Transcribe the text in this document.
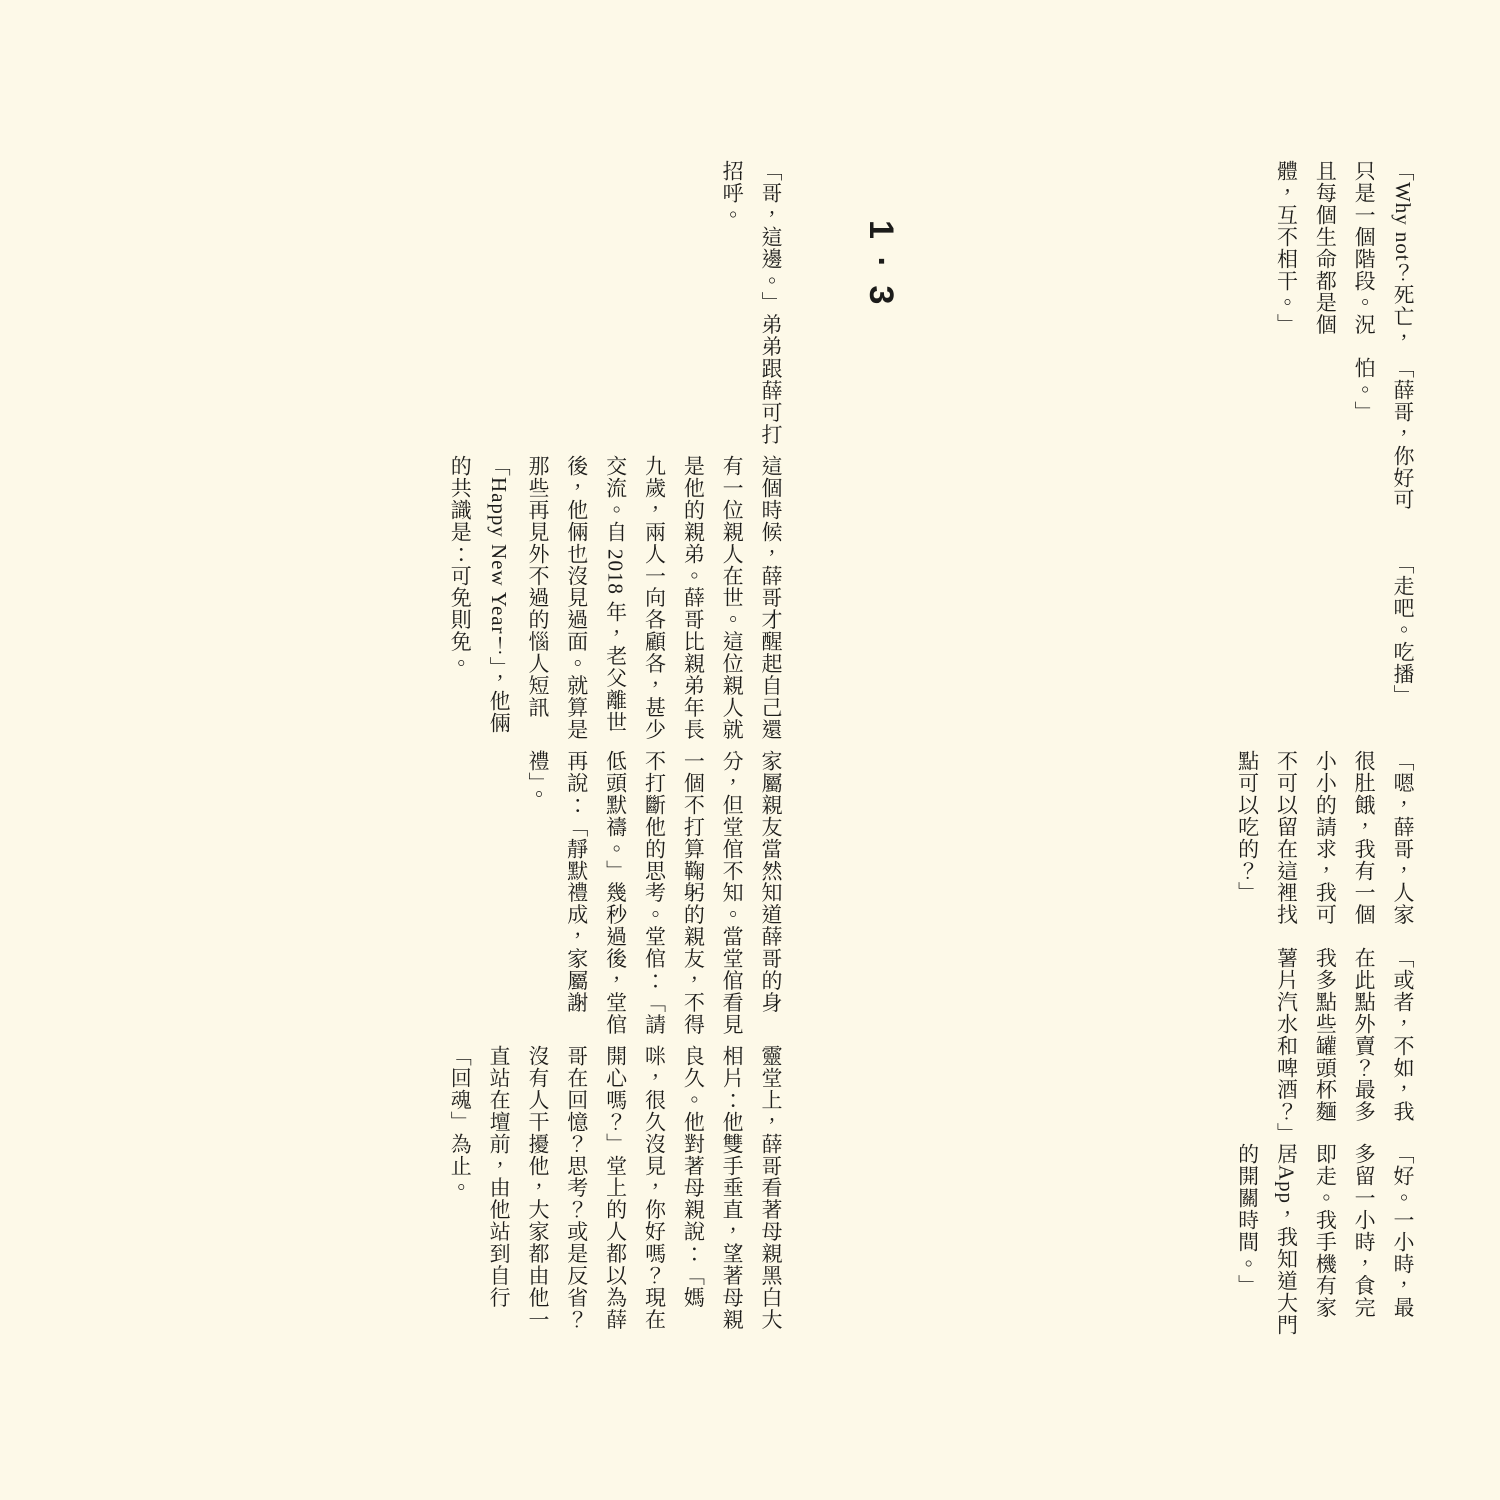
「Why not？死亡，只是一個階段。況且每個生命都是個體，互不相干。」

「薛哥，你好可怕。」

「走吧。吃播」

「嗯，薛哥，人家很肚餓，我有一個小小的請求，我可不可以留在這裡找點可以吃的？」

「或者，不如，我在此點外賣？最多我多點些罐頭杯麵薯片汽水和啤酒？」

「好。一小時，最多留一小時，食完即走。我手機有家居App，我知道大門的開關時間。」

1 · 3

靈堂上，薛哥看著母親黑白大相片：他雙手垂直，望著母親良久。他對著母親說：「媽咪，很久沒見，你好嗎？現在開心嗎？」堂上的人都以為薛哥在回憶？思考？或是反省？沒有人干擾他，大家都由他一直站在壇前，由他站到自行「回魂」為止。

家屬親友當然知道薛哥的身分，但堂倌不知。當堂倌看見一個不打算鞠躬的親友，不得不打斷他的思考。堂倌：「請低頭默禱。」幾秒過後，堂倌再說：「靜默禮成，家屬謝禮」。

這個時候，薛哥才醒起自己還有一位親人在世。這位親人就是他的親弟。薛哥比親弟年長九歲，兩人一向各顧各，甚少交流。自 2018 年，老父離世後，他倆也沒見過面。就算是那些再見外不過的惱人短訊「Happy New Year！」，他倆的共識是：可免則免。

「哥，這邊。」弟弟跟薛可打招呼。
